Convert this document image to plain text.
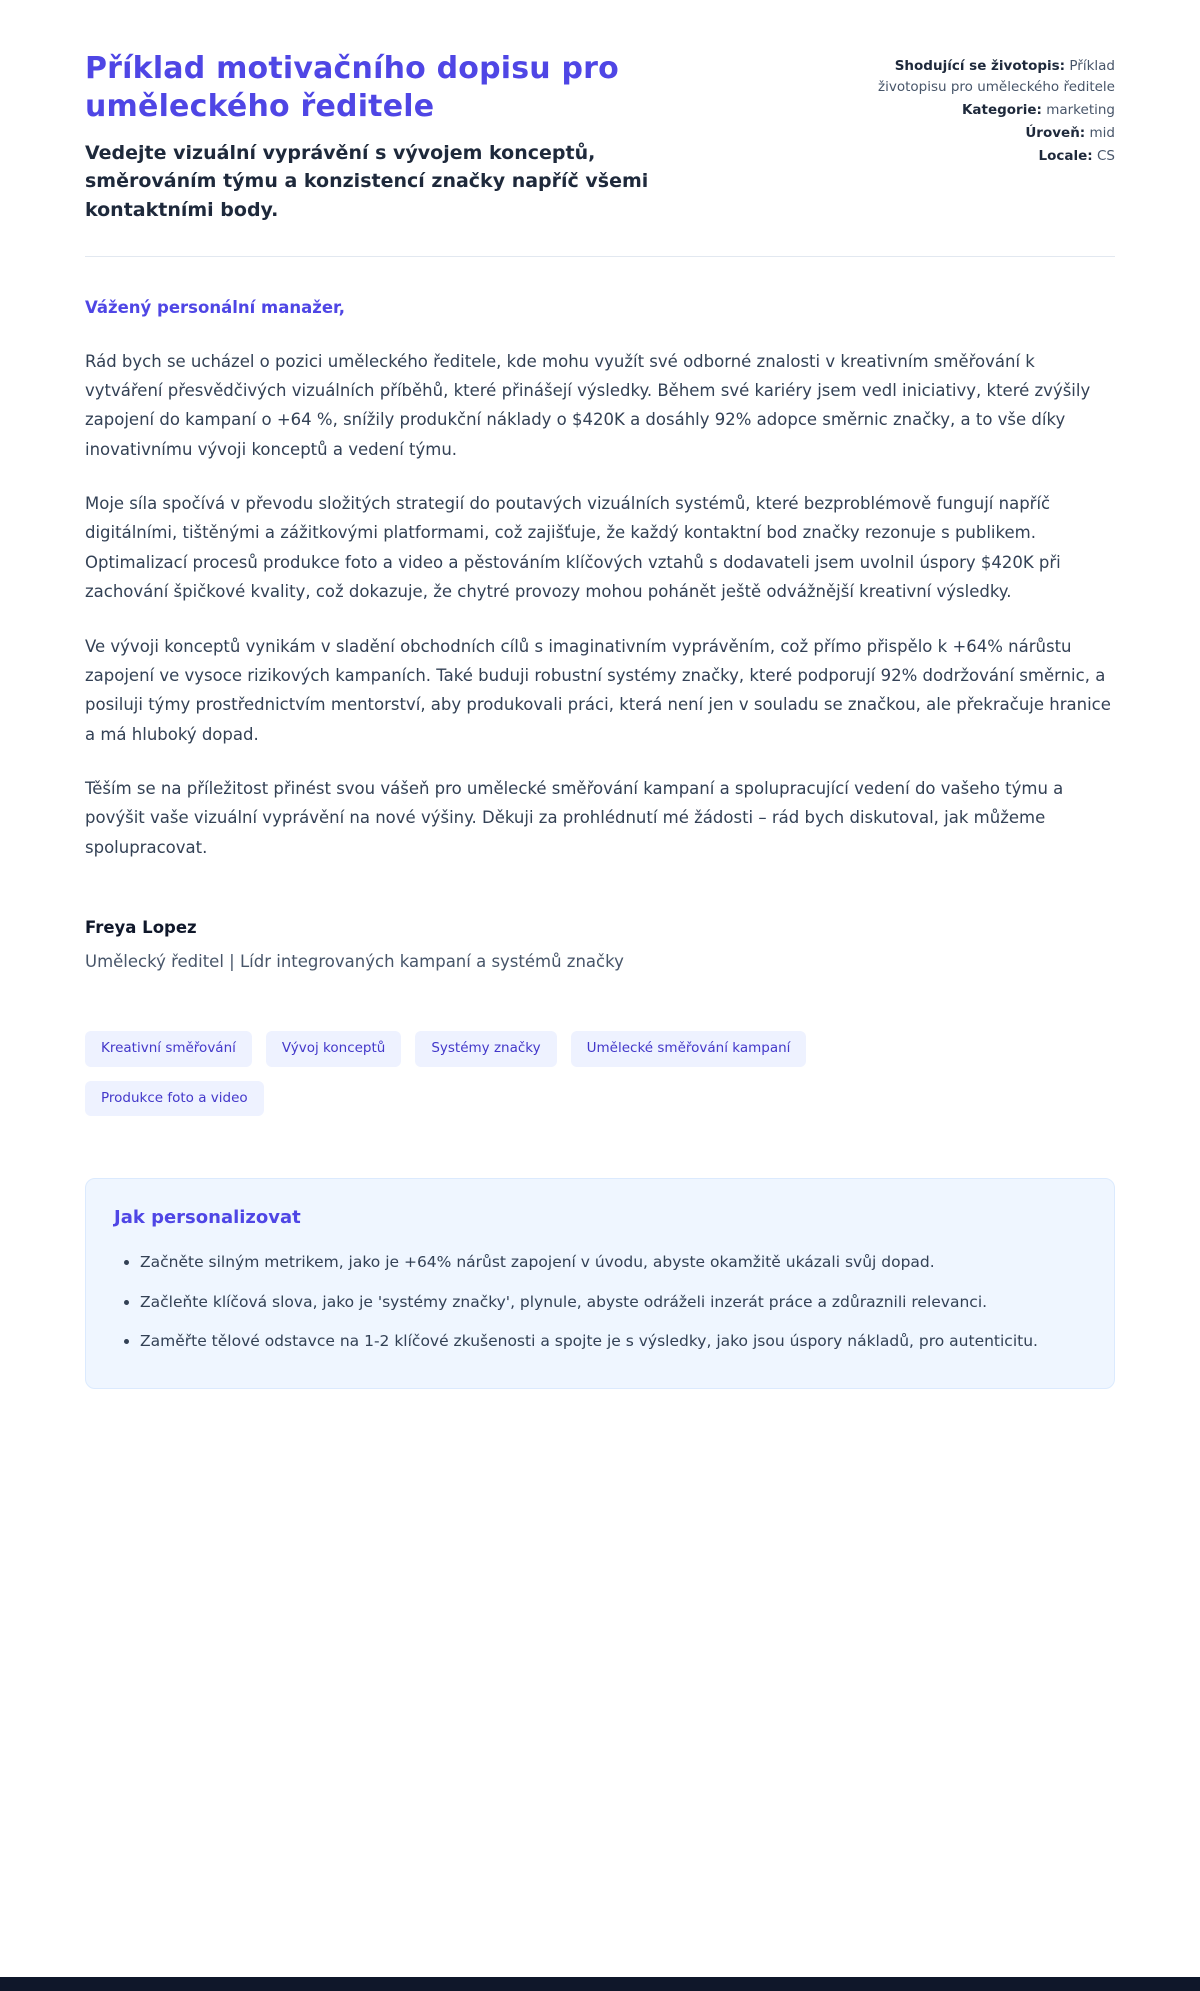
Příklad motivačního dopisu pro uměleckého ředitele

Vedejte vizuální vyprávění s vývojem konceptů, směrováním týmu a konzistencí značky napříč všemi kontaktními body.

Shodující se životopis: Příklad životopisu pro uměleckého ředitele
Kategorie: marketing
Úroveň: mid
Locale: CS

Vážený personální manažer,

Rád bych se ucházel o pozici uměleckého ředitele, kde mohu využít své odborné znalosti v kreativním směřování k vytváření přesvědčivých vizuálních příběhů, které přinášejí výsledky. Během své kariéry jsem vedl iniciativy, které zvýšily zapojení do kampaní o +64 %, snížily produkční náklady o $420K a dosáhly 92% adopce směrnic značky, a to vše díky inovativnímu vývoji konceptů a vedení týmu.

Moje síla spočívá v převodu složitých strategií do poutavých vizuálních systémů, které bezproblémově fungují napříč digitálními, tištěnými a zážitkovými platformami, což zajišťuje, že každý kontaktní bod značky rezonuje s publikem. Optimalizací procesů produkce foto a video a pěstováním klíčových vztahů s dodavateli jsem uvolnil úspory $420K při zachování špičkové kvality, což dokazuje, že chytré provozy mohou pohánět ještě odvážnější kreativní výsledky.

Ve vývoji konceptů vynikám v sladění obchodních cílů s imaginativním vyprávěním, což přímo přispělo k +64% nárůstu zapojení ve vysoce rizikových kampaních. Také buduji robustní systémy značky, které podporují 92% dodržování směrnic, a posiluji týmy prostřednictvím mentorství, aby produkovali práci, která není jen v souladu se značkou, ale překračuje hranice a má hluboký dopad.

Těším se na příležitost přinést svou vášeň pro umělecké směřování kampaní a spolupracující vedení do vašeho týmu a povýšit vaše vizuální vyprávění na nové výšiny. Děkuji za prohlédnutí mé žádosti – rád bych diskutoval, jak můžeme spolupracovat.

Freya Lopez

Umělecký ředitel | Lídr integrovaných kampaní a systémů značky

Kreativní směřování	Vývoj konceptů	Systémy značky	Umělecké směřování kampaní
Produkce foto a video
Jak personalizovat
• Začněte silným metrikem, jako je +64% nárůst zapojení v úvodu, abyste okamžitě ukázali svůj dopad.
• Začleňte klíčová slova, jako je 'systémy značky', plynule, abyste odráželi inzerát práce a zdůraznili relevanci.
• Zaměřte tělové odstavce na 1-2 klíčové zkušenosti a spojte je s výsledky, jako jsou úspory nákladů, pro autenticitu.
